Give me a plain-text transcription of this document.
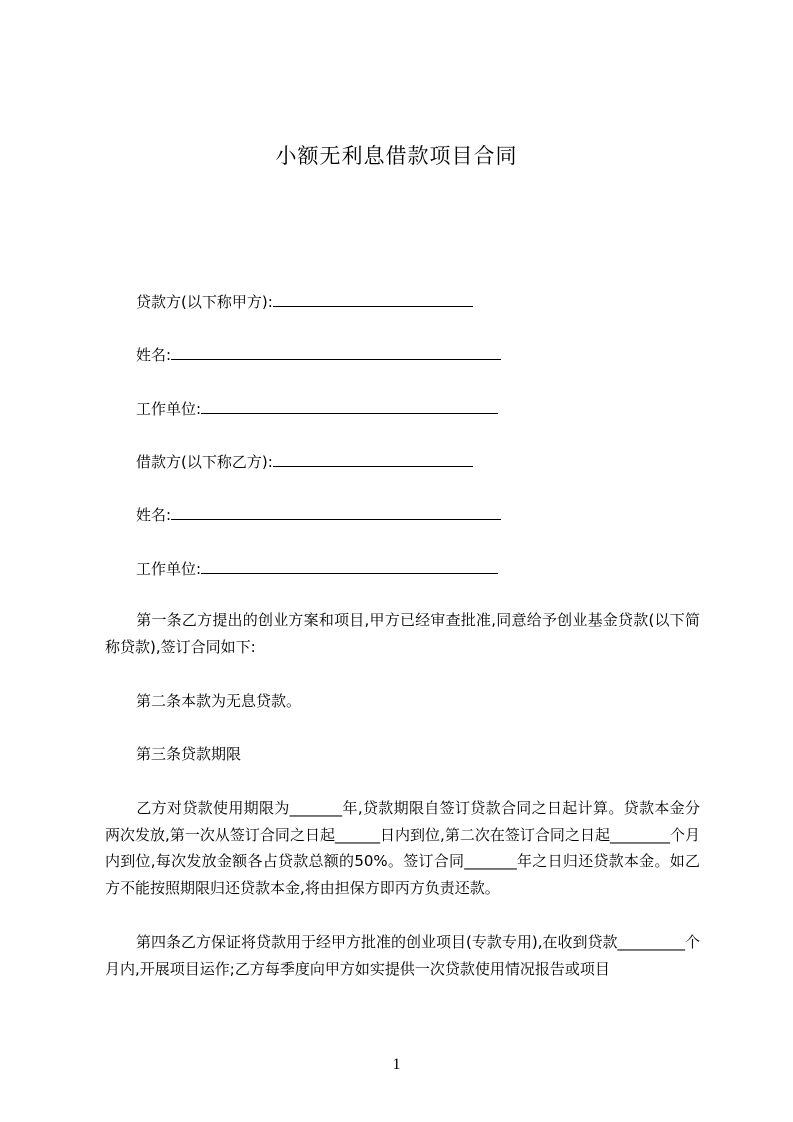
小额无利息借款项目合同
贷款方(以下称甲方):
姓名:
工作单位:
借款方(以下称乙方):
姓名:
工作单位:
第一条乙方提出的创业方案和项目,甲方已经审查批准,同意给予创业基金贷款(以下简称贷款),签订合同如下:
第二条本款为无息贷款。
第三条贷款期限
乙方对贷款使用期限为_______年,贷款期限自签订贷款合同之日起计算。贷款本金分两次发放,第一次从签订合同之日起______日内到位,第二次在签订合同之日起________个月内到位,每次发放金额各占贷款总额的50%。签订合同_______年之日归还贷款本金。如乙方不能按照期限归还贷款本金,将由担保方即丙方负责还款。
第四条乙方保证将贷款用于经甲方批准的创业项目(专款专用),在收到贷款_________个月内,开展项目运作;乙方每季度向甲方如实提供一次贷款使用情况报告或项目
1
